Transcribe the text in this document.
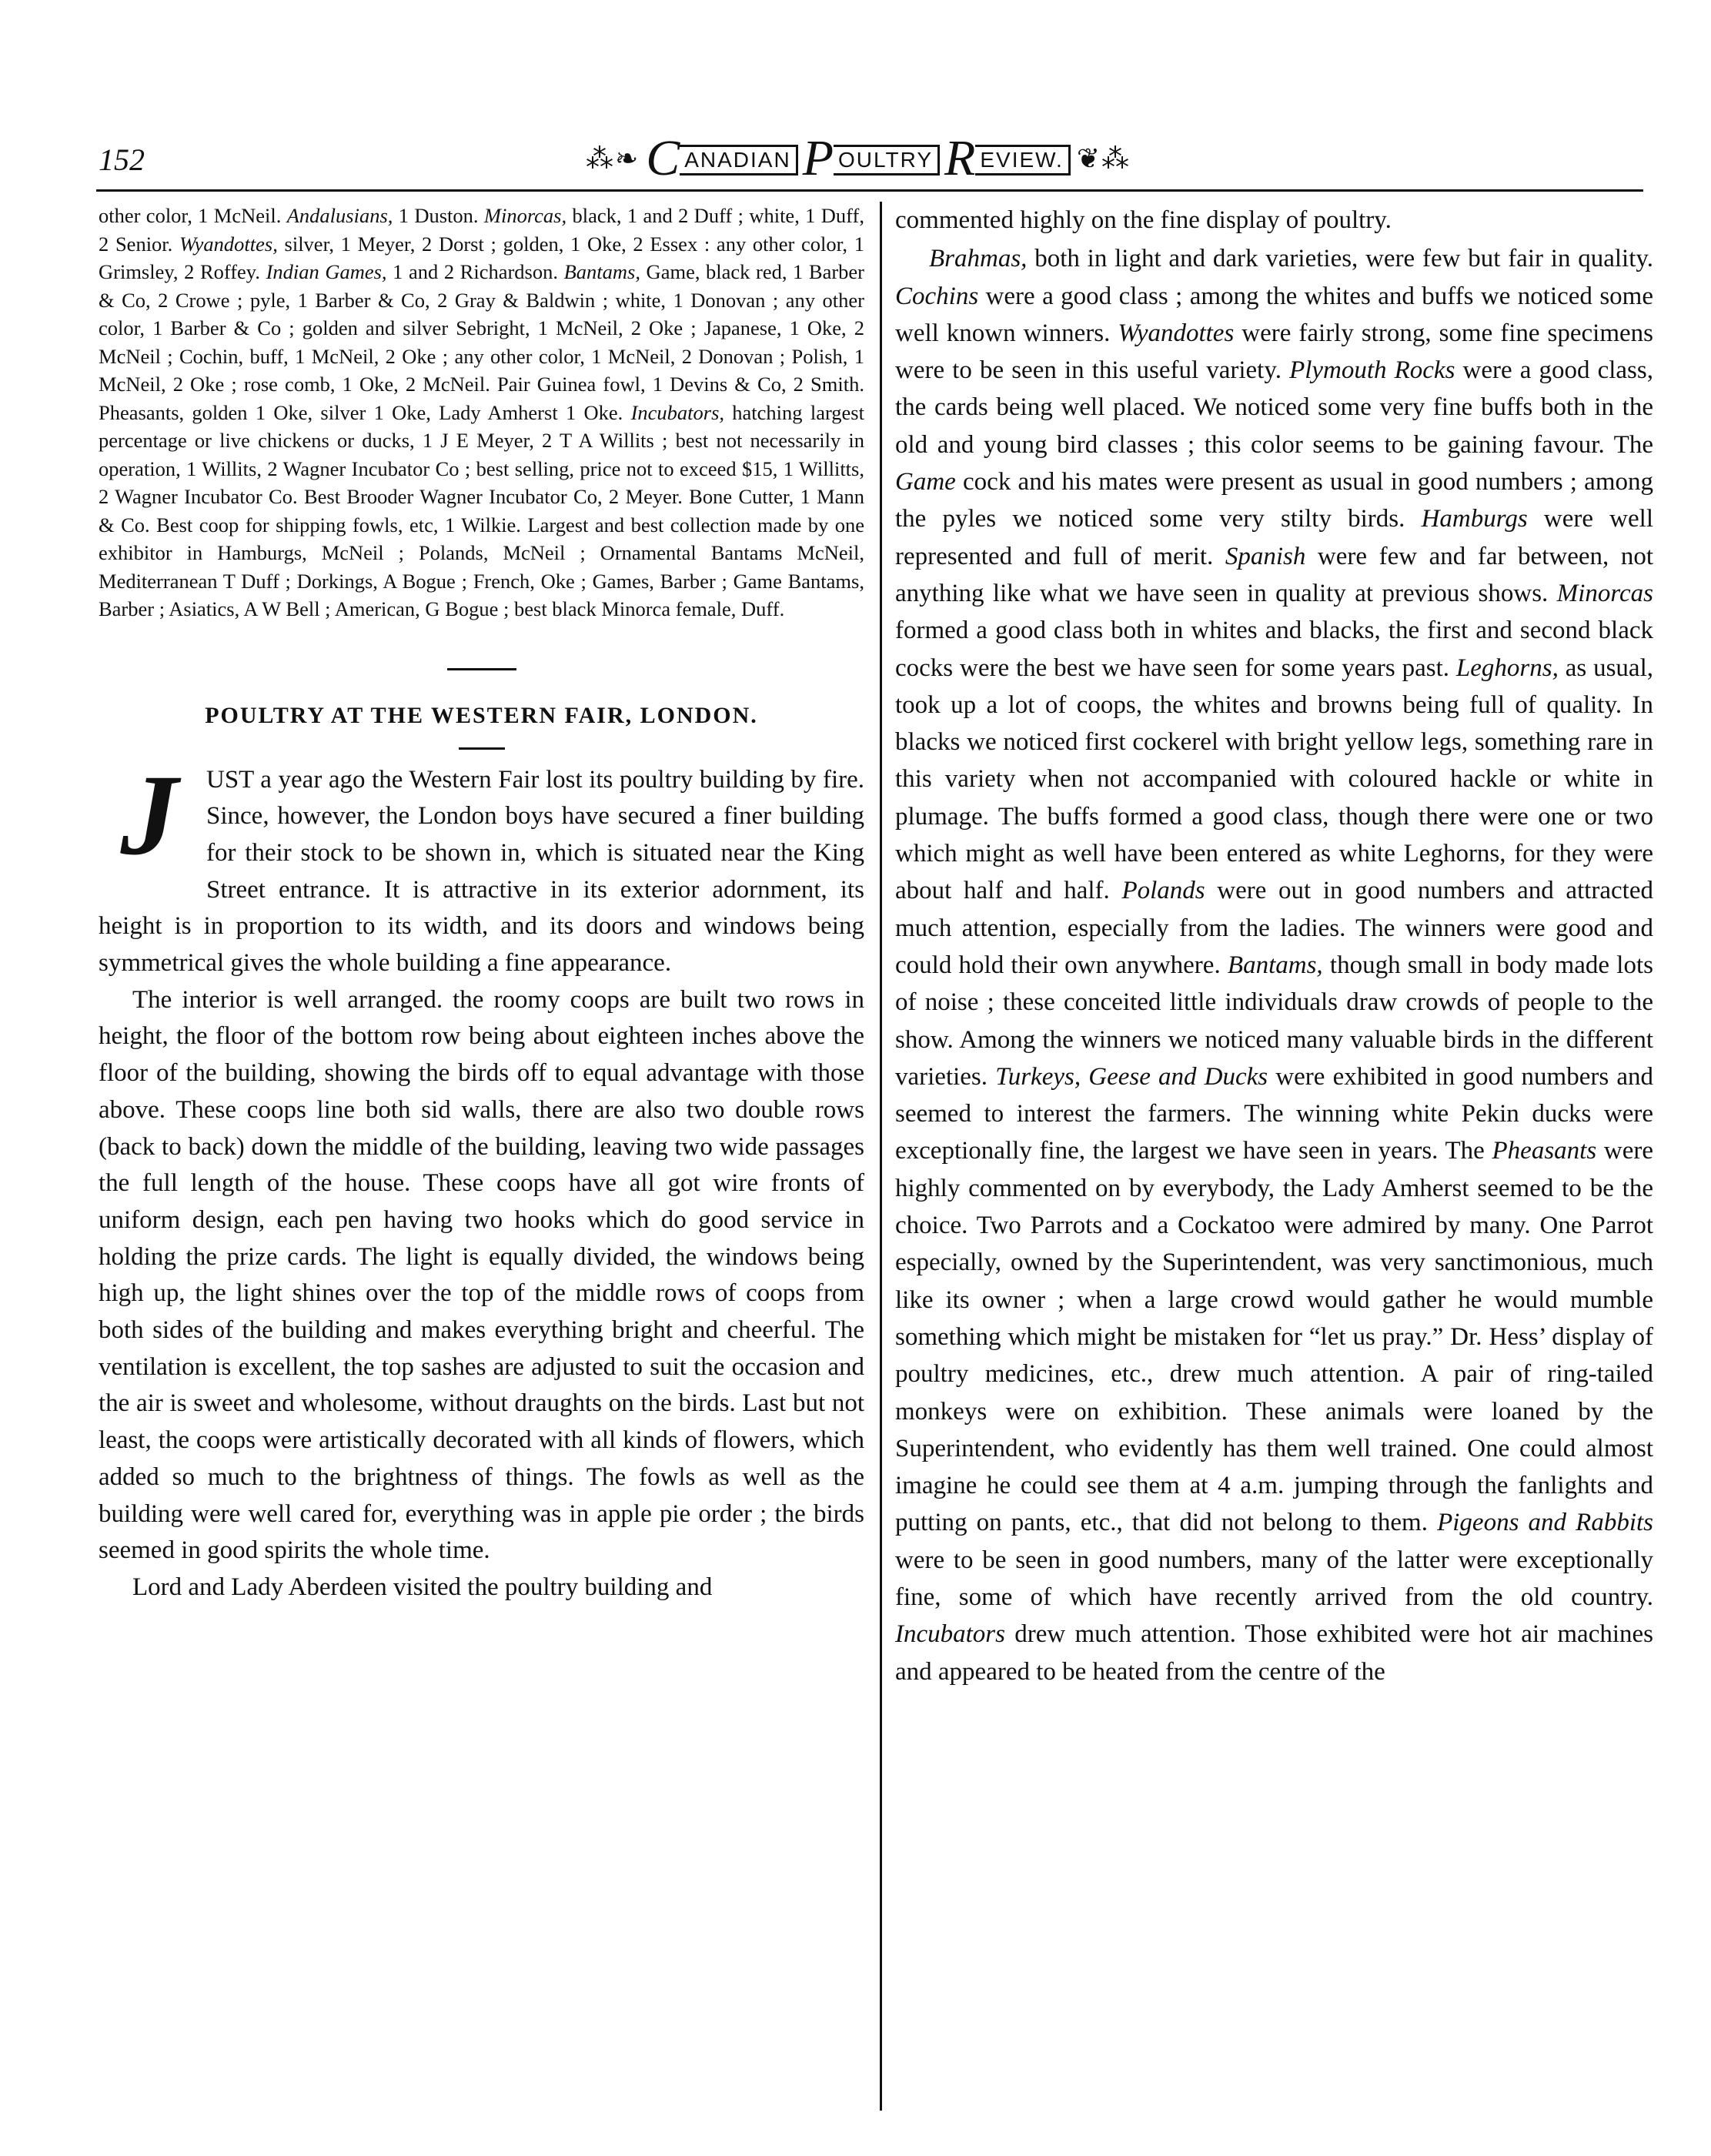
152	⁂❧ C ANADIAN P OULTRY R EVIEW. ❦⁂

other color, 1 McNeil. Andalusians, 1 Duston. Minorcas, black, 1 and 2 Duff ; white, 1 Duff, 2 Senior. Wyandottes, silver, 1 Meyer, 2 Dorst ; golden, 1 Oke, 2 Essex : any other color, 1 Grimsley, 2 Roffey. Indian Games, 1 and 2 Richardson. Bantams, Game, black red, 1 Barber & Co, 2 Crowe ; pyle, 1 Barber & Co, 2 Gray & Baldwin ; white, 1 Donovan ; any other color, 1 Barber & Co ; golden and silver Sebright, 1 McNeil, 2 Oke ; Japanese, 1 Oke, 2 McNeil ; Cochin, buff, 1 McNeil, 2 Oke ; any other color, 1 McNeil, 2 Donovan ; Polish, 1 McNeil, 2 Oke ; rose comb, 1 Oke, 2 McNeil. Pair Guinea fowl, 1 Devins & Co, 2 Smith. Pheasants, golden 1 Oke, silver 1 Oke, Lady Amherst 1 Oke. Incubators, hatching largest percentage or live chickens or ducks, 1 J E Meyer, 2 T A Willits ; best not necessarily in operation, 1 Willits, 2 Wagner Incubator Co ; best selling, price not to exceed $15, 1 Willitts, 2 Wagner Incubator Co. Best Brooder Wagner Incubator Co, 2 Meyer. Bone Cutter, 1 Mann & Co. Best coop for shipping fowls, etc, 1 Wilkie. Largest and best collection made by one exhibitor in Hamburgs, McNeil ; Polands, McNeil ; Ornamental Bantams McNeil, Mediterranean T Duff ; Dorkings, A Bogue ; French, Oke ; Games, Barber ; Game Bantams, Barber ; Asiatics, A W Bell ; American, G Bogue ; best black Minorca female, Duff.

POULTRY AT THE WESTERN FAIR, LONDON.

J	UST a year ago the Western Fair lost its poultry building by fire. Since, however, the London boys have secured a finer building for their stock to be shown in, which is situated near the King Street entrance. It is attractive in its exterior adornment, its height is in proportion to its width, and its doors and windows being symmetrical gives the whole building a fine appearance.

The interior is well arranged. the roomy coops are built two rows in height, the floor of the bottom row being about eighteen inches above the floor of the building, showing the birds off to equal advantage with those above. These coops line both sid walls, there are also two double rows (back to back) down the middle of the building, leaving two wide passages the full length of the house. These coops have all got wire fronts of uniform design, each pen having two hooks which do good service in holding the prize cards. The light is equally divided, the windows being high up, the light shines over the top of the middle rows of coops from both sides of the building and makes everything bright and cheerful. The ventilation is excellent, the top sashes are adjusted to suit the occasion and the air is sweet and wholesome, without draughts on the birds. Last but not least, the coops were artistically decorated with all kinds of flowers, which added so much to the brightness of things. The fowls as well as the building were well cared for, everything was in apple pie order ; the birds seemed in good spirits the whole time.

Lord and Lady Aberdeen visited the poultry building and

commented highly on the fine display of poultry.

Brahmas, both in light and dark varieties, were few but fair in quality. Cochins were a good class ; among the whites and buffs we noticed some well known winners. Wyandottes were fairly strong, some fine specimens were to be seen in this useful variety. Plymouth Rocks were a good class, the cards being well placed. We noticed some very fine buffs both in the old and young bird classes ; this color seems to be gaining favour. The Game cock and his mates were present as usual in good numbers ; among the pyles we noticed some very stilty birds. Hamburgs were well represented and full of merit. Spanish were few and far between, not anything like what we have seen in quality at previous shows. Minorcas formed a good class both in whites and blacks, the first and second black cocks were the best we have seen for some years past. Leghorns, as usual, took up a lot of coops, the whites and browns being full of quality. In blacks we noticed first cockerel with bright yellow legs, something rare in this variety when not accompanied with coloured hackle or white in plumage. The buffs formed a good class, though there were one or two which might as well have been entered as white Leghorns, for they were about half and half. Polands were out in good numbers and attracted much attention, especially from the ladies. The winners were good and could hold their own anywhere. Bantams, though small in body made lots of noise ; these conceited little individuals draw crowds of people to the show. Among the winners we noticed many valuable birds in the different varieties. Turkeys, Geese and Ducks were exhibited in good numbers and seemed to interest the farmers. The winning white Pekin ducks were exceptionally fine, the largest we have seen in years. The Pheasants were highly commented on by everybody, the Lady Amherst seemed to be the choice. Two Parrots and a Cockatoo were admired by many. One Parrot especially, owned by the Superintendent, was very sanctimonious, much like its owner ; when a large crowd would gather he would mumble something which might be mistaken for “let us pray.” Dr. Hess’ display of poultry medicines, etc., drew much attention. A pair of ring-tailed monkeys were on exhibition. These animals were loaned by the Superintendent, who evidently has them well trained. One could almost imagine he could see them at 4 a.m. jumping through the fanlights and putting on pants, etc., that did not belong to them. Pigeons and Rabbits were to be seen in good numbers, many of the latter were exceptionally fine, some of which have recently arrived from the old country. Incubators drew much attention. Those exhibited were hot air machines and appeared to be heated from the centre of the
